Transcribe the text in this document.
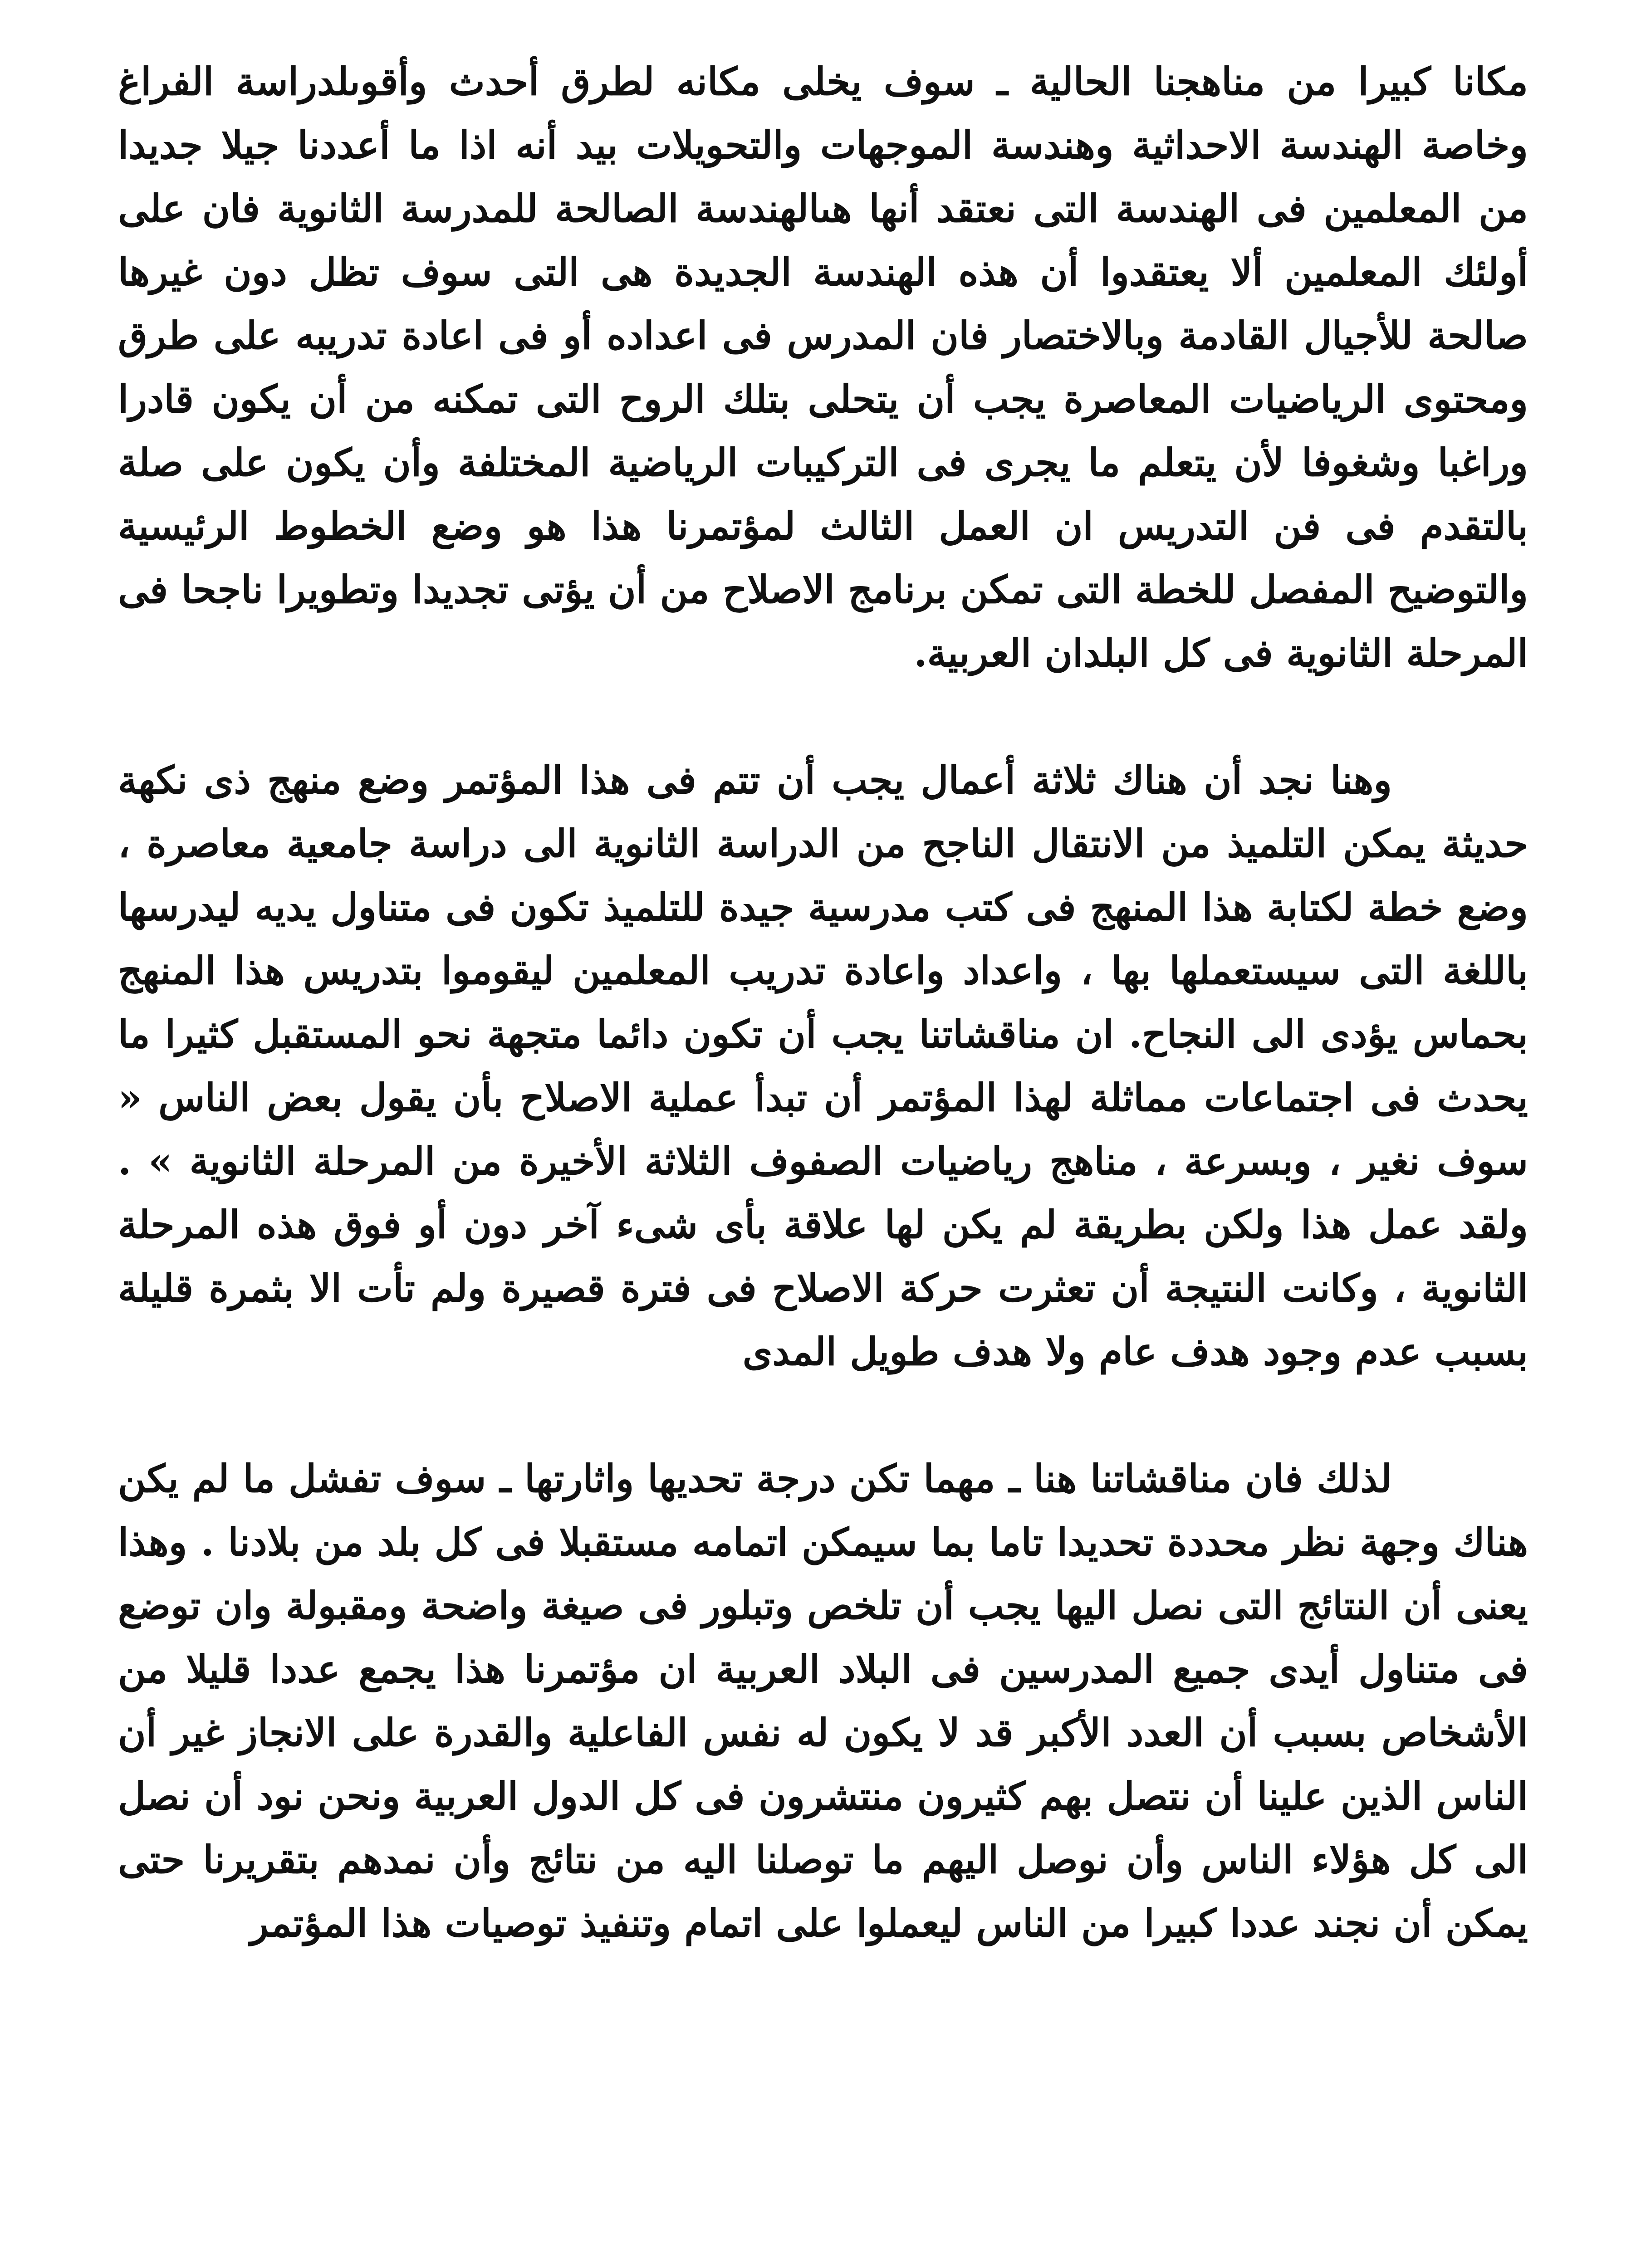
مكانا كبيرا من مناهجنا الحالية ـ سوف يخلى مكانه لطرق أحدث وأقوىلدراسة الفراغ وخاصة الهندسة الاحداثية وهندسة الموجهات والتحويلات بيد أنه اذا ما أعددنا جيلا جديدا من المعلمين فى الهندسة التى نعتقد أنها هىالهندسة الصالحة للمدرسة الثانوية فان على أولئك المعلمين ألا يعتقدوا أن هذه الهندسة الجديدة هى التى سوف تظل دون غيرها صالحة للأجيال القادمة وبالاختصار فان المدرس فى اعداده أو فى اعادة تدريبه على طرق ومحتوى الرياضيات المعاصرة يجب أن يتحلى بتلك الروح التى تمكنه من أن يكون قادرا وراغبا وشغوفا لأن يتعلم ما يجرى فى التركيبات الرياضية المختلفة وأن يكون على صلة بالتقدم فى فن التدريس ان العمل الثالث لمؤتمرنا هذا هو وضع الخطوط الرئيسية والتوضيح المفصل للخطة التى تمكن برنامج الاصلاح من أن يؤتى تجديدا وتطويرا ناجحا فى المرحلة الثانوية فى كل البلدان العربية.

وهنا نجد أن هناك ثلاثة أعمال يجب أن تتم فى هذا المؤتمر وضع منهج ذى نكهة حديثة يمكن التلميذ من الانتقال الناجح من الدراسة الثانوية الى دراسة جامعية معاصرة ، وضع خطة لكتابة هذا المنهج فى كتب مدرسية جيدة للتلميذ تكون فى متناول يديه ليدرسها باللغة التى سيستعملها بها ، واعداد واعادة تدريب المعلمين ليقوموا بتدريس هذا المنهج بحماس يؤدى الى النجاح. ان مناقشاتنا يجب أن تكون دائما متجهة نحو المستقبل كثيرا ما يحدث فى اجتماعات مماثلة لهذا المؤتمر أن تبدأ عملية الاصلاح بأن يقول بعض الناس « سوف نغير ، وبسرعة ، مناهج رياضيات الصفوف الثلاثة الأخيرة من المرحلة الثانوية » . ولقد عمل هذا ولكن بطريقة لم يكن لها علاقة بأى شىء آخر دون أو فوق هذه المرحلة الثانوية ، وكانت النتيجة أن تعثرت حركة الاصلاح فى فترة قصيرة ولم تأت الا بثمرة قليلة بسبب عدم وجود هدف عام ولا هدف طويل المدى

لذلك فان مناقشاتنا هنا ـ مهما تكن درجة تحديها واثارتها ـ سوف تفشل ما لم يكن هناك وجهة نظر محددة تحديدا تاما بما سيمكن اتمامه مستقبلا فى كل بلد من بلادنا . وهذا يعنى أن النتائج التى نصل اليها يجب أن تلخص وتبلور فى صيغة واضحة ومقبولة وان توضع فى متناول أيدى جميع المدرسين فى البلاد العربية ان مؤتمرنا هذا يجمع عددا قليلا من الأشخاص بسبب أن العدد الأكبر قد لا يكون له نفس الفاعلية والقدرة على الانجاز غير أن الناس الذين علينا أن نتصل بهم كثيرون منتشرون فى كل الدول العربية ونحن نود أن نصل الى كل هؤلاء الناس وأن نوصل اليهم ما توصلنا اليه من نتائج وأن نمدهم بتقريرنا حتى يمكن أن نجند عددا كبيرا من الناس ليعملوا على اتمام وتنفيذ توصيات هذا المؤتمر
